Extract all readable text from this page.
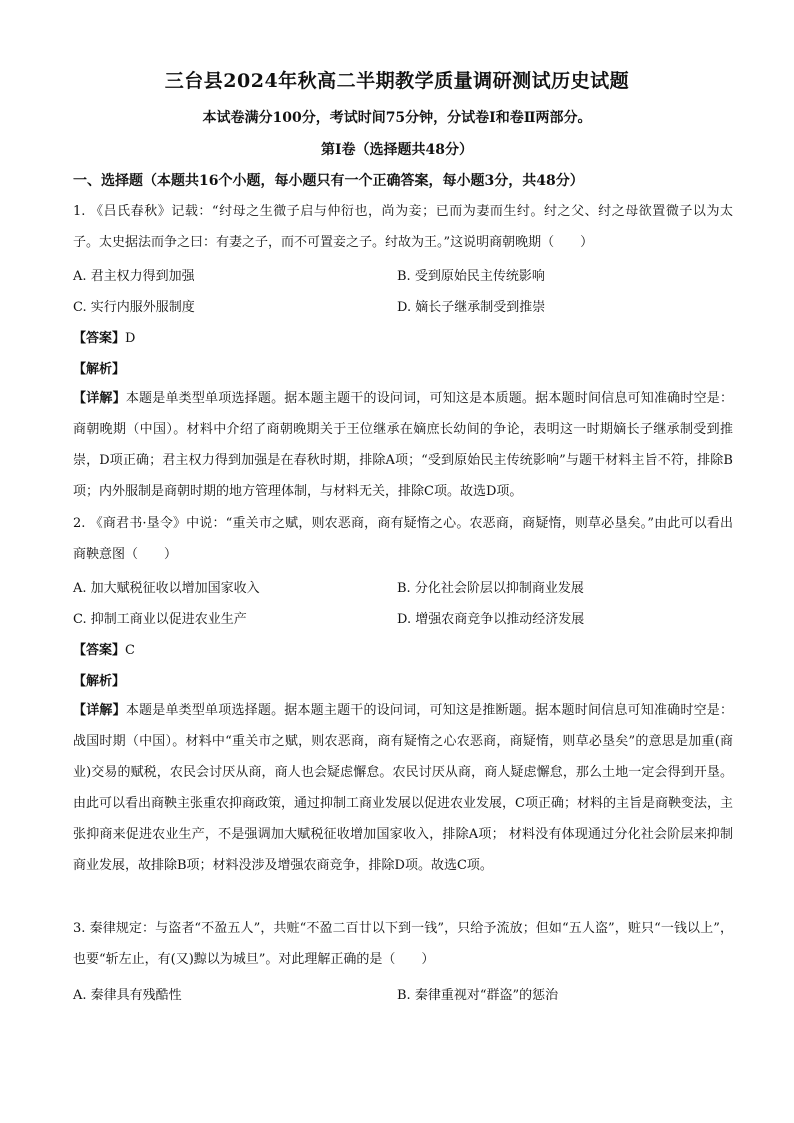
三台县2024年秋高二半期教学质量调研测试历史试题
本试卷满分100分，考试时间75分钟，分试卷Ⅰ和卷Ⅱ两部分。
第Ⅰ卷（选择题共48分）
一、选择题（本题共16个小题，每小题只有一个正确答案，每小题3分，共48分）
1. 《吕氏春秋》记载：“纣母之生微子启与仲衍也，尚为妾；已而为妻而生纣。纣之父、纣之母欲置微子以为太子。太史据法而争之曰：有妻之子，而不可置妾之子。纣故为王。”这说明商朝晚期（　　）
A. 君主权力得到加强	B. 受到原始民主传统影响
C. 实行内服外服制度	D. 嫡长子继承制受到推崇
【答案】D
【解析】
【详解】本题是单类型单项选择题。据本题主题干的设问词，可知这是本质题。据本题时间信息可知准确时空是：商朝晚期（中国）。材料中介绍了商朝晚期关于王位继承在嫡庶长幼间的争论，表明这一时期嫡长子继承制受到推崇，D项正确；君主权力得到加强是在春秋时期，排除A项；“受到原始民主传统影响”与题干材料主旨不符，排除B项；内外服制是商朝时期的地方管理体制，与材料无关，排除C项。故选D项。
2. 《商君书·垦令》中说：“重关市之赋，则农恶商，商有疑惰之心。农恶商，商疑惰，则草必垦矣。”由此可以看出商鞅意图（　　）
A. 加大赋税征收以增加国家收入	B. 分化社会阶层以抑制商业发展
C. 抑制工商业以促进农业生产	D. 增强农商竞争以推动经济发展
【答案】C
【解析】
【详解】本题是单类型单项选择题。据本题主题干的设问词，可知这是推断题。据本题时间信息可知准确时空是：战国时期（中国）。材料中“重关市之赋，则农恶商，商有疑惰之心农恶商，商疑惰，则草必垦矣”的意思是加重(商业)交易的赋税，农民会讨厌从商，商人也会疑虑懈怠。农民讨厌从商，商人疑虑懈怠，那么土地一定会得到开垦。由此可以看出商鞅主张重农抑商政策，通过抑制工商业发展以促进农业发展，C项正确；材料的主旨是商鞅变法，主张抑商来促进农业生产，不是强调加大赋税征收增加国家收入，排除A项； 材料没有体现通过分化社会阶层来抑制商业发展，故排除B项；材料没涉及增强农商竞争，排除D项。故选C项。
3. 秦律规定：与盗者“不盈五人”，共赃“不盈二百廿以下到一钱”，只给予流放；但如“五人盗”，赃只“一钱以上”，也要“斩左止，有(又)黥以为城旦”。对此理解正确的是（　　）
A. 秦律具有残酷性	B. 秦律重视对“群盗”的惩治
